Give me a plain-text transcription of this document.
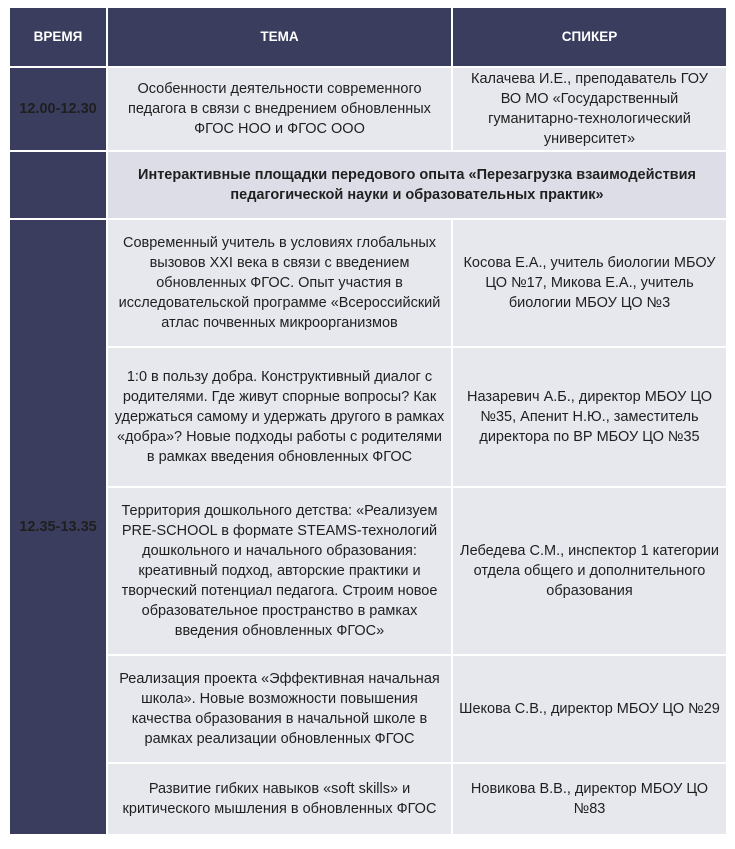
ВРЕМЯ	ТЕМА	СПИКЕР
12.00-12.30	Особенности деятельности современного педагога в связи с внедрением обновленных ФГОС НОО и ФГОС ООО	Калачева И.Е., преподаватель ГОУ ВО МО «Государственный гуманитарно-технологический университет»
	Интерактивные площадки передового опыта «Перезагрузка взаимодействия педагогической науки и образовательных практик»	
12.35-13.35	Современный учитель в условиях глобальных вызовов XXI века в связи с введением обновленных ФГОС. Опыт участия в исследовательской программе «Всероссийский атлас почвенных микроорганизмов	Косова Е.А., учитель биологии МБОУ ЦО №17, Микова Е.А., учитель биологии МБОУ ЦО №3
	1:0 в пользу добра. Конструктивный диалог с родителями. Где живут спорные вопросы? Как удержаться самому и удержать другого в рамках «добра»? Новые подходы работы с родителями в рамках введения обновленных ФГОС	Назаревич А.Б., директор МБОУ ЦО №35, Апенит Н.Ю., заместитель директора по ВР МБОУ ЦО №35
	Территория дошкольного детства: «Реализуем PRE-SCHOOL в формате STEAMS-технологий дошкольного и начального образования: креативный подход, авторские практики и творческий потенциал педагога. Строим новое образовательное пространство в рамках введения обновленных ФГОС»	Лебедева С.М., инспектор 1 категории отдела общего и дополнительного образования
	Реализация проекта «Эффективная начальная школа». Новые возможности повышения качества образования в начальной школе в рамках реализации обновленных ФГОС	Шекова С.В., директор МБОУ ЦО №29
	Развитие гибких навыков «soft skills» и критического мышления в обновленных ФГОС	Новикова В.В., директор МБОУ ЦО №83
